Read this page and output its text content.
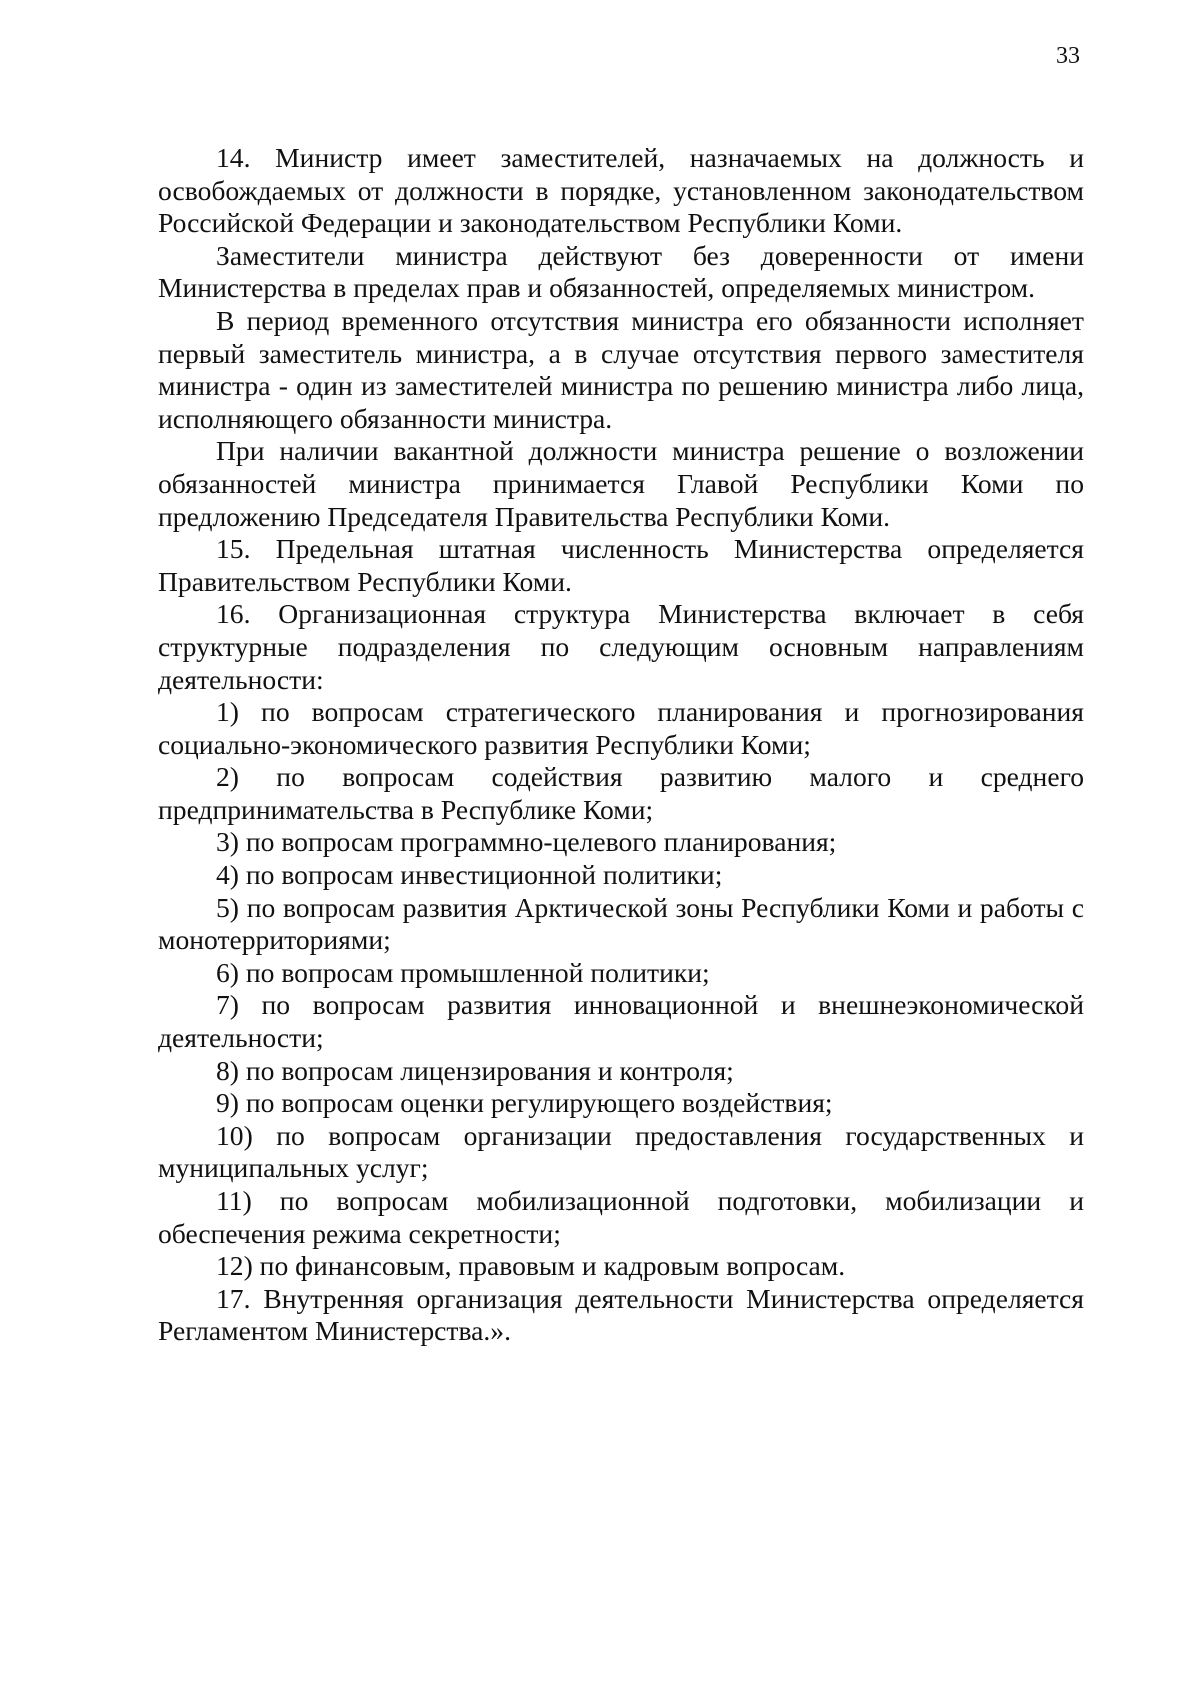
33

14. Министр имеет заместителей, назначаемых на должность и освобождаемых от должности в порядке, установленном законодательством Российской Федерации и законодательством Республики Коми.

Заместители министра действуют без доверенности от имени Министерства в пределах прав и обязанностей, определяемых министром.

В период временного отсутствия министра его обязанности исполняет первый заместитель министра, а в случае отсутствия первого заместителя министра - один из заместителей министра по решению министра либо лица, исполняющего обязанности министра.

При наличии вакантной должности министра решение о возложении обязанностей министра принимается Главой Республики Коми по предложению Председателя Правительства Республики Коми.

15. Предельная штатная численность Министерства определяется Правительством Республики Коми.

16. Организационная структура Министерства включает в себя структурные подразделения по следующим основным направлениям деятельности:

1) по вопросам стратегического планирования и прогнозирования социально-экономического развития Республики Коми;

2) по вопросам содействия развитию малого и среднего предпринимательства в Республике Коми;

3) по вопросам программно-целевого планирования;

4) по вопросам инвестиционной политики;

5) по вопросам развития Арктической зоны Республики Коми и работы с монотерриториями;

6) по вопросам промышленной политики;

7) по вопросам развития инновационной и внешнеэкономической деятельности;

8) по вопросам лицензирования и контроля;

9) по вопросам оценки регулирующего воздействия;

10) по вопросам организации предоставления государственных и муниципальных услуг;

11) по вопросам мобилизационной подготовки, мобилизации и обеспечения режима секретности;

12) по финансовым, правовым и кадровым вопросам.

17. Внутренняя организация деятельности Министерства определяется Регламентом Министерства.».
